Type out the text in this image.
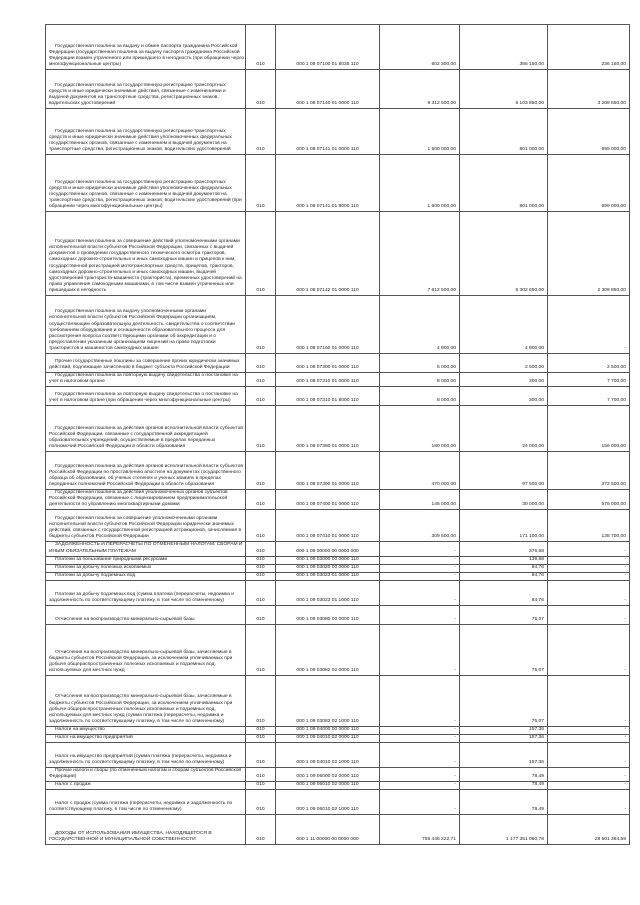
Государственная пошлина за выдачу и обмен паспорта гражданина Российской Федерации (государственная пошлина за выдачу паспорта гражданина Российской Федерации взамен утраченного или пришедшего в негодность (при обращении через многофункциональные центры)	010	000 1 08 07100 01 8035 110	602 300,00	366 150,00	236 150,00

Государственная пошлина за государственную регистрацию транспортных средств и иные юридически значимые действия, связанные с изменениями и выдачей документов на транспортные средства, регистрационных знаков, водительских удостоверений	010	000 1 08 07140 01 0000 110	9 312 500,00	6 103 850,00	3 208 650,00

Государственная пошлина за государственную регистрацию транспортных средств и иные юридически значимые действия уполномоченных федеральных государственных органов, связанные с изменением и выдачей документов на транспортные средства, регистрационных знаков, водительских удостоверений	010	000 1 08 07141 01 0000 110	1 500 000,00	801 000,00	699 000,00

Государственная пошлина за государственную регистрацию транспортных средств и иные юридически значимые действия уполномоченных федеральных государственных органов, связанные с изменением и выдачей документов на транспортные средства, регистрационных знаков, водительских удостоверений (при обращении через многофункциональные центры)	010	000 1 08 07141 01 8000 110	1 500 000,00	801 000,00	699 000,00

Государственная пошлина за совершение действий уполномоченными органами исполнительной власти субъектов Российской Федерации, связанных с выдачей документов о проведении государственного технического осмотра тракторов, самоходных дорожно-строительных и иных самоходных машин и прицепов к ним, государственной регистрацией мототранспортных средств, прицепов, тракторов, самоходных дорожно-строительных и иных самоходных машин, выдачей удостоверений тракториста-машиниста (тракториста), временных удостоверений на право управления самоходными машинами, в том числе взамен утраченных или пришедших в негодность	010	000 1 08 07142 01 0000 110	7 612 500,00	5 302 650,00	2 309 850,00

Государственная пошлина за выдачу уполномоченными органами исполнительной власти субъектов Российской Федерации организациям, осуществляющим образовательную деятельность, свидетельства о соответствии требованиям оборудования и оснащенности образовательного процесса для рассмотрения вопроса соответствующими органами об аккредитации и о предоставлении указанным организациям лицензий на право подготовки трактористов и машинистов самоходных машин	010	000 1 08 07160 01 0000 110	4 800,00	4 800,00	-

Прочие государственные пошлины за совершение прочих юридически значимых действий, подлежащие зачислению в бюджет субъекта Российской Федерации	010	000 1 08 07300 01 0000 110	5 000,00	2 500,00	2 500,00

Государственная пошлина за повторную выдачу свидетельства о постановке на учет в налоговом органе	010	000 1 08 07310 01 0000 110	8 000,00	300,00	7 700,00

Государственная пошлина за повторную выдачу свидетельства о постановке на учет в налоговом органе (при обращении через многофункциональные центры)	010	000 1 08 07310 01 8000 110	8 000,00	300,00	7 700,00

Государственная пошлина за действия органов исполнительной власти субъектов Российской Федерации, связанные с государственной аккредитацией образовательных учреждений, осуществляемые в пределах переданных полномочий Российской Федерации в области образования	010	000 1 08 07380 01 0000 110	180 000,00	24 000,00	156 000,00

Государственная пошлина за действия органов исполнительной власти субъектов Российской Федерации по проставлению апостиля на документах государственного образца об образовании, об ученых степенях и ученых званиях в пределах переданных полномочий Российской Федерации в области образования	010	000 1 08 07390 01 0000 110	470 000,00	97 500,00	372 500,00

Государственная пошлина за действия уполномоченных органов субъектов Российской Федерации, связанные с лицензированием предпринимательской деятельности по управлению многоквартирными домами	010	000 1 08 07400 01 0000 110	146 000,00	30 000,00	576 000,00

Государственная пошлина за совершение уполномоченными органами исполнительной власти субъектов Российской Федерации юридически значимых действий, связанных с государственной регистрацией аттракционов, зачисляемая в бюджеты субъектов Российской Федерации	010	000 1 08 07410 01 0000 110	309 500,00	171 100,00	138 700,00

ЗАДОЛЖЕННОСТЬ И ПЕРЕРАСЧЕТЫ ПО ОТМЕНЕННЫМ НАЛОГАМ, СБОРАМ И ИНЫМ ОБЯЗАТЕЛЬНЫМ ПЛАТЕЖАМ	010	000 1 09 00000 00 0000 000	-	375,68	-

Платежи за пользование природными ресурсами	010	000 1 09 03000 00 0000 110	-	139,68	-

Платежи за добычу полезных ископаемых	010	000 1 09 03020 00 0000 110	-	84,76	-

Платежи за добычу подземных вод	010	000 1 09 03023 01 0000 110	-	84,76	-

Платежи за добычу подземных вод (сумма платежа (перерасчеты, недоимка и задолженность по соответствующему платежу, в том числе по отмененному)	010	000 1 09 03023 01 1000 110	-	84,76	-

Отчисления на воспроизводство минерально-сырьевой базы	010	000 1 09 03080 00 0000 110	-	75,07	-

Отчисления на воспроизводство минерально-сырьевой базы, зачисляемые в бюджеты субъектов Российской Федерации, за исключением уплачиваемых при добыче общераспространенных полезных ископаемых и подземных вод, используемых для местных нужд	010	000 1 09 03082 02 0000 110	-	75,07	-

Отчисления на воспроизводство минерально-сырьевой базы, зачисляемые в бюджеты субъектов Российской Федерации, за исключением уплачиваемых при добыче общераспространенных полезных ископаемых и подземных вод, используемых для местных нужд (сумма платежа (перерасчеты, недоимка и задолженность по соответствующему платежу, в том числе по отмененному)	010	000 1 09 03082 02 1000 110	-	75,07	-

Налоги на имущество	010	000 1 09 04000 00 0000 110	-	157,36	-

Налог на имущество предприятий	010	000 1 09 04010 02 0000 110	-	157,36	-

Налог на имущество предприятий (сумма платежа (перерасчеты, недоимка и задолженность по соответствующему платежу, в том числе по отмененному)	010	000 1 09 04010 02 1000 110	-	157,36	-

Прочие налоги и сборы (по отмененным налогам и сборам субъектов Российской Федерации)	010	000 1 09 06000 02 0000 110	-	78,49	-

Налог с продаж	010	000 1 09 06010 02 0000 110	-	78,49	-

Налог с продаж (сумма платежа (перерасчеты, недоимка и задолженность по соответствующему платежу, в том числе по отмененному)	010	000 1 09 06010 02 1000 110	-	78,49	-

ДОХОДЫ ОТ ИСПОЛЬЗОВАНИЯ ИМУЩЕСТВА, НАХОДЯЩЕГОСЯ В ГОСУДАРСТВЕННОЙ И МУНИЦИПАЛЬНОЙ СОБСТВЕННОСТИ	010	000 1 11 00000 00 0000 000	755 445 222,71	1 177 351 060,78	28 501 364,59
